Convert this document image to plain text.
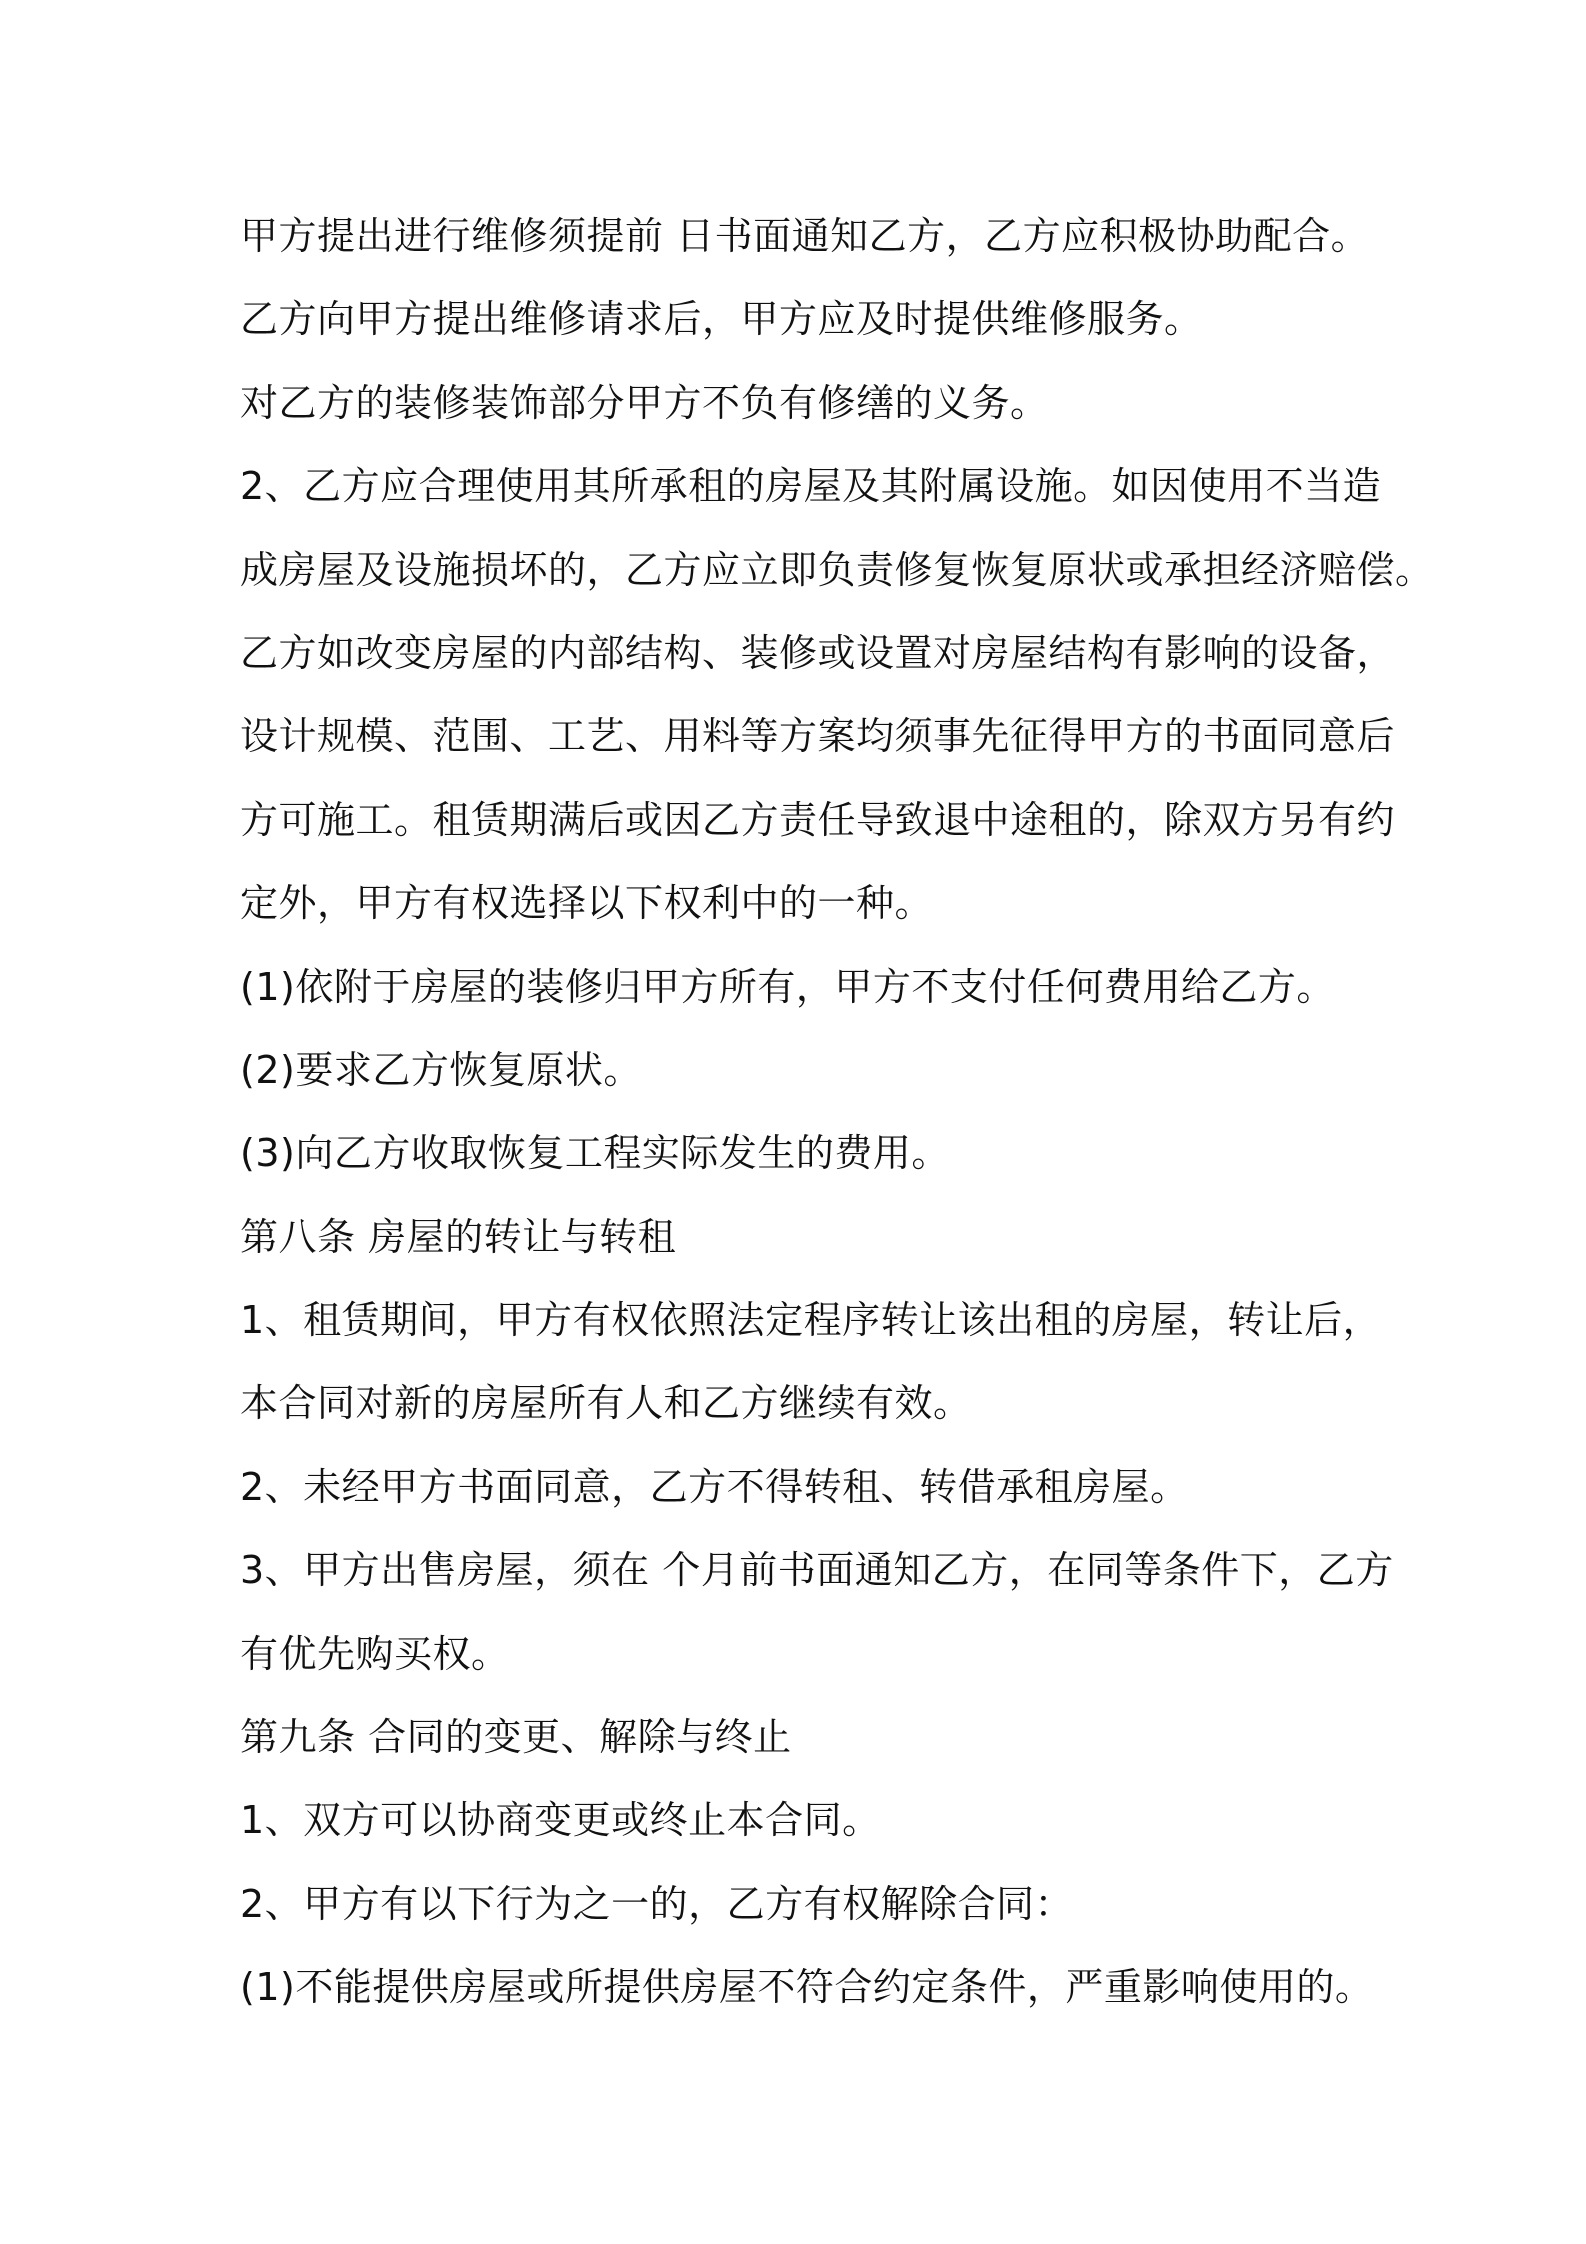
甲方提出进行维修须提前 日书面通知乙方，乙方应积极协助配合。
乙方向甲方提出维修请求后，甲方应及时提供维修服务。
对乙方的装修装饰部分甲方不负有修缮的义务。
2、乙方应合理使用其所承租的房屋及其附属设施。如因使用不当造
成房屋及设施损坏的，乙方应立即负责修复恢复原状或承担经济赔偿。
乙方如改变房屋的内部结构、装修或设置对房屋结构有影响的设备，
设计规模、范围、工艺、用料等方案均须事先征得甲方的书面同意后
方可施工。租赁期满后或因乙方责任导致退中途租的，除双方另有约
定外，甲方有权选择以下权利中的一种。
(1)依附于房屋的装修归甲方所有，甲方不支付任何费用给乙方。
(2)要求乙方恢复原状。
(3)向乙方收取恢复工程实际发生的费用。
第八条 房屋的转让与转租
1、租赁期间，甲方有权依照法定程序转让该出租的房屋，转让后，
本合同对新的房屋所有人和乙方继续有效。
2、未经甲方书面同意，乙方不得转租、转借承租房屋。
3、甲方出售房屋，须在 个月前书面通知乙方，在同等条件下，乙方
有优先购买权。
第九条 合同的变更、解除与终止
1、双方可以协商变更或终止本合同。
2、甲方有以下行为之一的，乙方有权解除合同：
(1)不能提供房屋或所提供房屋不符合约定条件，严重影响使用的。
